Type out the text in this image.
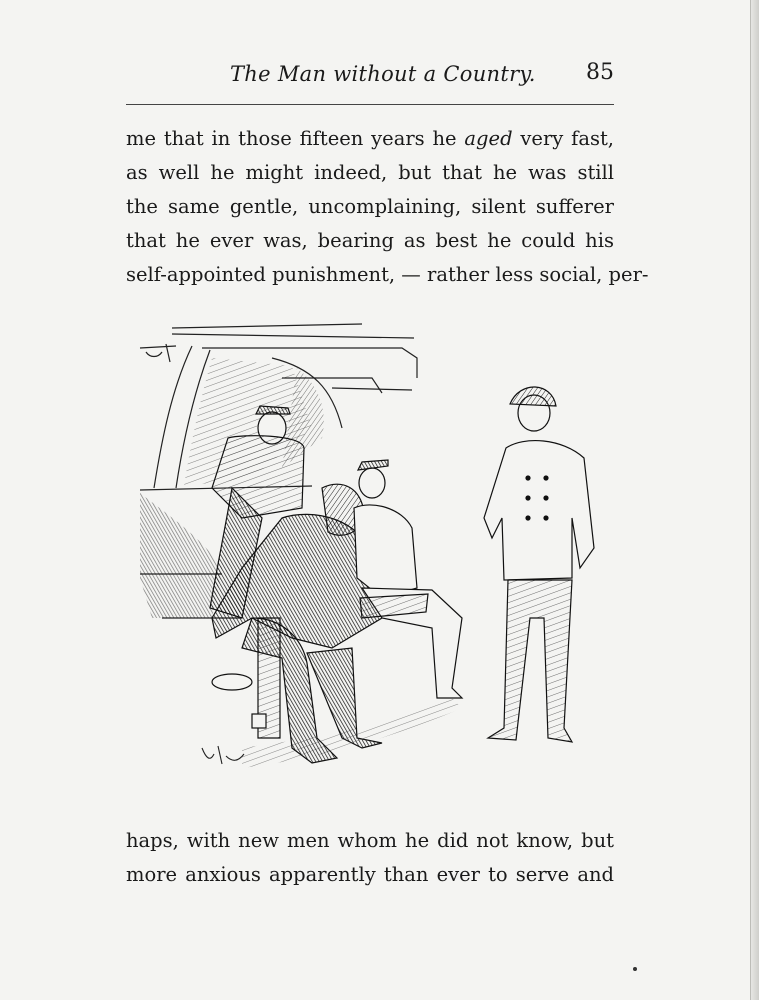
The Man without a Country. 85
me that in those fifteen years he aged very fast,
as well he might indeed, but that he was still
the same gentle, uncomplaining, silent sufferer
that he ever was, bearing as best he could his
self-appointed punishment, — rather less social, per-
haps, with new men whom he did not know, but
more anxious apparently than ever to serve and
